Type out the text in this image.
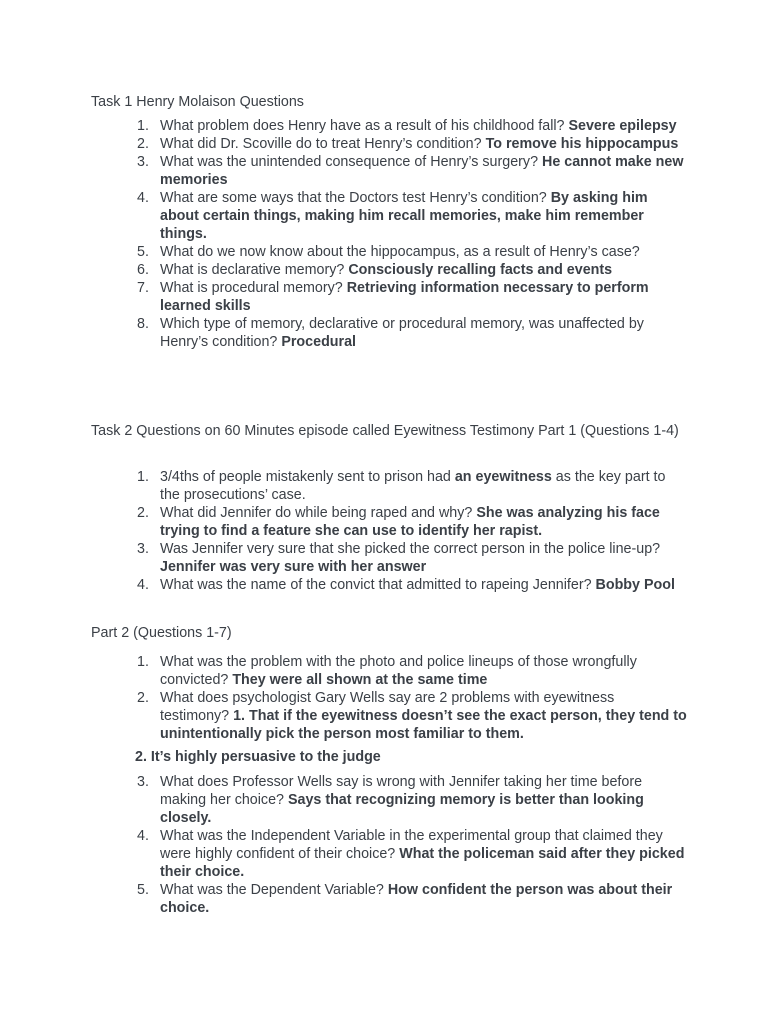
Task 1 Henry Molaison Questions
1. What problem does Henry have as a result of his childhood fall? Severe epilepsy
2. What did Dr. Scoville do to treat Henry’s condition? To remove his hippocampus
3. What was the unintended consequence of Henry’s surgery? He cannot make new memories
4. What are some ways that the Doctors test Henry’s condition? By asking him about certain things, making him recall memories, make him remember things.
5. What do we now know about the hippocampus, as a result of Henry’s case?
6. What is declarative memory? Consciously recalling facts and events
7. What is procedural memory? Retrieving information necessary to perform learned skills
8. Which type of memory, declarative or procedural memory, was unaffected by Henry’s condition? Procedural
Task 2 Questions on 60 Minutes episode called Eyewitness Testimony Part 1 (Questions 1-4)
1. 3/4ths of people mistakenly sent to prison had an eyewitness as the key part to the prosecutions’ case.
2. What did Jennifer do while being raped and why? She was analyzing his face trying to find a feature she can use to identify her rapist.
3. Was Jennifer very sure that she picked the correct person in the police line-up? Jennifer was very sure with her answer
4. What was the name of the convict that admitted to rapeing Jennifer? Bobby Pool
Part 2 (Questions 1-7)
1. What was the problem with the photo and police lineups of those wrongfully convicted? They were all shown at the same time
2. What does psychologist Gary Wells say are 2 problems with eyewitness testimony? 1. That if the eyewitness doesn’t see the exact person, they tend to unintentionally pick the person most familiar to them.
2. It’s highly persuasive to the judge
3. What does Professor Wells say is wrong with Jennifer taking her time before making her choice? Says that recognizing memory is better than looking closely.
4. What was the Independent Variable in the experimental group that claimed they were highly confident of their choice? What the policeman said after they picked their choice.
5. What was the Dependent Variable? How confident the person was about their choice.
